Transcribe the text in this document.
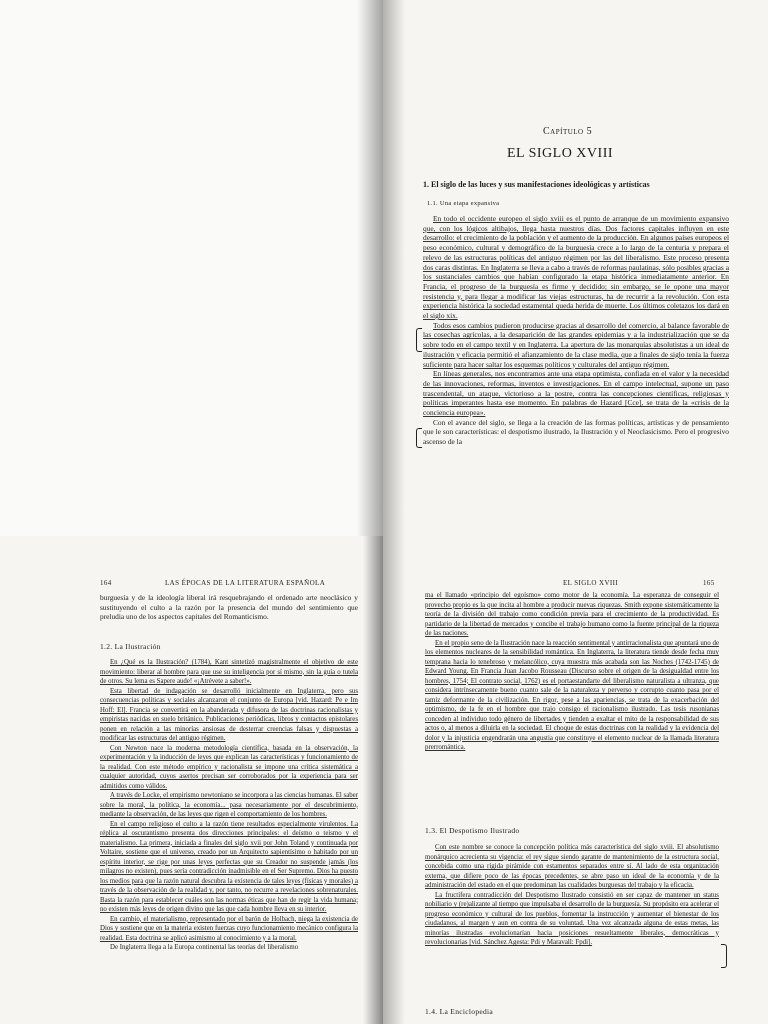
Capítulo 5
EL SIGLO XVIII
1. El siglo de las luces y sus manifestaciones ideológicas y artísticas
1.1. Una etapa expansiva

En todo el occidente europeo el siglo xviii es el punto de arranque de un movimiento expansivo que, con los lógicos altibajos, llega hasta nuestros días. Dos factores capitales influyen en este desarrollo: el crecimiento de la población y el aumento de la producción. En algunos países europeos el peso económico, cultural y demográfico de la burguesía crece a lo largo de la centuria y prepara el relevo de las estructuras políticas del antiguo régimen por las del liberalismo. Este proceso presenta dos caras distintas. En Inglaterra se lleva a cabo a través de reformas paulatinas, sólo posibles gracias a los sustanciales cambios que habían configurado la etapa histórica inmediatamente anterior. En Francia, el progreso de la burguesía es firme y decidido; sin embargo, se le opone una mayor resistencia y, para llegar a modificar las viejas estructuras, ha de recurrir a la revolución. Con esta experiencia histórica la sociedad estamental queda herida de muerte. Los últimos coletazos los dará en el siglo xix.

Todos esos cambios pudieron producirse gracias al desarrollo del comercio, al balance favorable de las cosechas agrícolas, a la desaparición de las grandes epidemias y a la industrialización que se da sobre todo en el campo textil y en Inglaterra. La apertura de las monarquías absolutistas a un ideal de ilustración y eficacia permitió el afianzamiento de la clase media, que a finales de siglo tenía la fuerza suficiente para hacer saltar los esquemas políticos y culturales del antiguo régimen.

En líneas generales, nos encontramos ante una etapa optimista, confiada en el valor y la necesidad de las innovaciones, reformas, inventos e investigaciones. En el campo intelectual, supone un paso trascendental, un ataque, victorioso a la postre, contra las concepciones científicas, religiosas y políticas imperantes hasta ese momento. En palabras de Hazard [Cce], se trata de la «crisis de la conciencia europea».

Con el avance del siglo, se llega a la creación de las formas políticas, artísticas y de pensamiento que le son características: el despotismo ilustrado, la Ilustración y el Neoclasicismo. Pero el progresivo ascenso de la

164	LAS ÉPOCAS DE LA LITERATURA ESPAÑOLA

burguesía y de la ideología liberal irá resquebrajando el ordenado arte neoclásico y sustituyendo el culto a la razón por la presencia del mundo del sentimiento que preludia uno de los aspectos capitales del Romanticismo.

1.2. La Ilustración

En ¿Qué es la Ilustración? (1784), Kant sintetizó magistralmente el objetivo de este movimiento: liberar al hombre para que use su inteligencia por sí mismo, sin la guía o tutela de otros. Su lema es Sapere aude! «¡Atrévete a saber!».

Esta libertad de indagación se desarrolló inicialmente en Inglaterra, pero sus consecuencias políticas y sociales alcanzaron el conjunto de Europa [vid. Hazard: Pe e Im Hoff: El]. Francia se convertirá en la abanderada y difusora de las doctrinas racionalistas y empiristas nacidas en suelo británico. Publicaciones periódicas, libros y contactos epistolares ponen en relación a las minorías ansiosas de desterrar creencias falsas y dispuestas a modificar las estructuras del antiguo régimen.

Con Newton nace la moderna metodología científica, basada en la observación, la experimentación y la inducción de leyes que explican las características y funcionamiento de la realidad. Con este método empírico y racionalista se impone una crítica sistemática a cualquier autoridad, cuyos asertos precisan ser corroborados por la experiencia para ser admitidos como válidos.

A través de Locke, el empirismo newtoniano se incorpora a las ciencias humanas. El saber sobre la moral, la política, la economía... pasa necesariamente por el descubrimiento, mediante la observación, de las leyes que rigen el comportamiento de los hombres.

En el campo religioso el culto a la razón tiene resultados especialmente virulentos. La réplica al oscurantismo presenta dos direcciones principales: el deísmo o teísmo y el materialismo. La primera, iniciada a finales del siglo xvii por John Toland y continuada por Voltaire, sostiene que el universo, creado por un Arquitecto sapientísimo o habitado por un espíritu interior, se rige por unas leyes perfectas que su Creador no suspende jamás (los milagros no existen), pues sería contradicción inadmisible en el Ser Supremo. Dios ha puesto los medios para que la razón natural descubra la existencia de tales leyes (físicas y morales) a través de la observación de la realidad y, por tanto, no recurre a revelaciones sobrenaturales. Basta la razón para establecer cuáles son las normas éticas que han de regir la vida humana; no existen más leyes de origen divino que las que cada hombre lleva en su interior.

En cambio, el materialismo, representado por el barón de Holbach, niega la existencia de Dios y sostiene que en la materia existen fuerzas cuyo funcionamiento mecánico configura la realidad. Esta doctrina se aplicó asimismo al conocimiento y a la moral.

De Inglaterra llega a la Europa continental las teorías del liberalismo

EL SIGLO XVIII	165

ma el llamado «principio del egoísmo» como motor de la economía. La esperanza de conseguir el provecho propio es la que incita al hombre a producir nuevas riquezas. Smith expone sistemáticamente la teoría de la división del trabajo como condición previa para el crecimiento de la productividad. Es partidario de la libertad de mercados y concibe el trabajo humano como la fuente principal de la riqueza de las naciones.

En el propio seno de la Ilustración nace la reacción sentimental y antirracionalista que apuntará uno de los elementos nucleares de la sensibilidad romántica. En Inglaterra, la literatura tiende desde fecha muy temprana hacia lo tenebroso y melancólico, cuya muestra más acabada son las Noches (1742-1745) de Edward Young. En Francia Juan Jacobo Rousseau (Discurso sobre el origen de la desigualdad entre los hombres, 1754; El contrato social, 1762) es el portaestandarte del liberalismo naturalista a ultranza, que considera intrínsecamente bueno cuanto sale de la naturaleza y perverso y corrupto cuanto pasa por el tamiz deformante de la civilización. En rigor, pese a las apariencias, se trata de la exacerbación del optimismo, de la fe en el hombre que trajo consigo el racionalismo ilustrado. Las tesis rusonianas conceden al individuo todo género de libertades y tienden a exaltar el mito de la responsabilidad de sus actos o, al menos a diluirla en la sociedad. El choque de estas doctrinas con la realidad y la evidencia del dolor y la injusticia engendrarán una angustia que constituye el elemento nuclear de la llamada literatura prerromántica.

1.3. El Despotismo Ilustrado

Con este nombre se conoce la concepción política más característica del siglo xviii. El absolutismo monárquico acrecienta su vigencia: el rey sigue siendo garante de mantenimiento de la estructura social, concebida como una rígida pirámide con estamentos separados entre sí. Al lado de esta organización externa, que difiere poco de las épocas precedentes, se abre paso un ideal de la economía y de la administración del estado en el que predominan las cualidades burguesas del trabajo y la eficacia.

La fructífera contradicción del Despotismo Ilustrado consistió en ser capaz de mantener un status nobiliario y (re)alizante al tiempo que impulsaba el desarrollo de la burguesía. Su propósito era acelerar el progreso económico y cultural de los pueblos, fomentar la instrucción y aumentar el bienestar de los ciudadanos, al margen y aun en contra de su voluntad. Una vez alcanzada alguna de estas metas, las minorías ilustradas evolucionarían hacia posiciones resueltamente liberales, democráticas y revolucionarias [vid. Sánchez Agesta: Pdi y Maravall: Fpdi].

1.4. La Enciclopedia
